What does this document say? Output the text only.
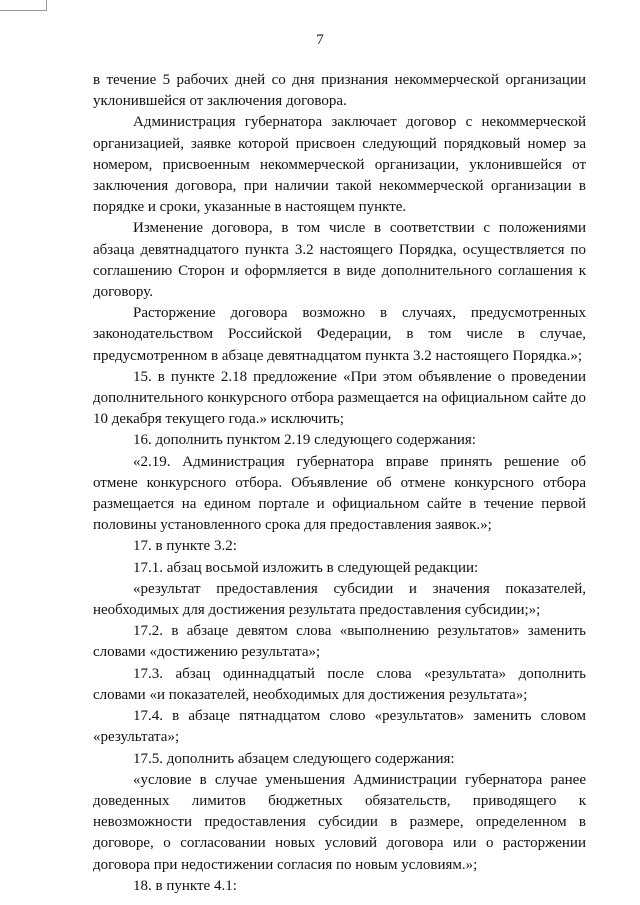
7

в течение 5 рабочих дней со дня признания некоммерческой организации уклонившейся от заключения договора.

Администрация губернатора заключает договор с некоммерческой организацией, заявке которой присвоен следующий порядковый номер за номером, присвоенным некоммерческой организации, уклонившейся от заключения договора, при наличии такой некоммерческой организации в порядке и сроки, указанные в настоящем пункте.

Изменение договора, в том числе в соответствии с положениями абзаца девятнадцатого пункта 3.2 настоящего Порядка, осуществляется по соглашению Сторон и оформляется в виде дополнительного соглашения к договору.

Расторжение договора возможно в случаях, предусмотренных законодательством Российской Федерации, в том числе в случае, предусмотренном в абзаце девятнадцатом пункта 3.2 настоящего Порядка.»;

15. в пункте 2.18 предложение «При этом объявление о проведении дополнительного конкурсного отбора размещается на официальном сайте до 10 декабря текущего года.» исключить;

16. дополнить пунктом 2.19 следующего содержания:

«2.19. Администрация губернатора вправе принять решение об отмене конкурсного отбора. Объявление об отмене конкурсного отбора размещается на едином портале и официальном сайте в течение первой половины установленного срока для предоставления заявок.»;

17. в пункте 3.2:

17.1. абзац восьмой изложить в следующей редакции:

«результат предоставления субсидии и значения показателей, необходимых для достижения результата предоставления субсидии;»;

17.2. в абзаце девятом слова «выполнению результатов» заменить словами «достижению результата»;

17.3. абзац одиннадцатый после слова «результата» дополнить словами «и показателей, необходимых для достижения результата»;

17.4. в абзаце пятнадцатом слово «результатов» заменить словом «результата»;

17.5. дополнить абзацем следующего содержания:

«условие в случае уменьшения Администрации губернатора ранее доведенных лимитов бюджетных обязательств, приводящего к невозможности предоставления субсидии в размере, определенном в договоре, о согласовании новых условий договора или о расторжении договора при недостижении согласия по новым условиям.»;

18. в пункте 4.1:
